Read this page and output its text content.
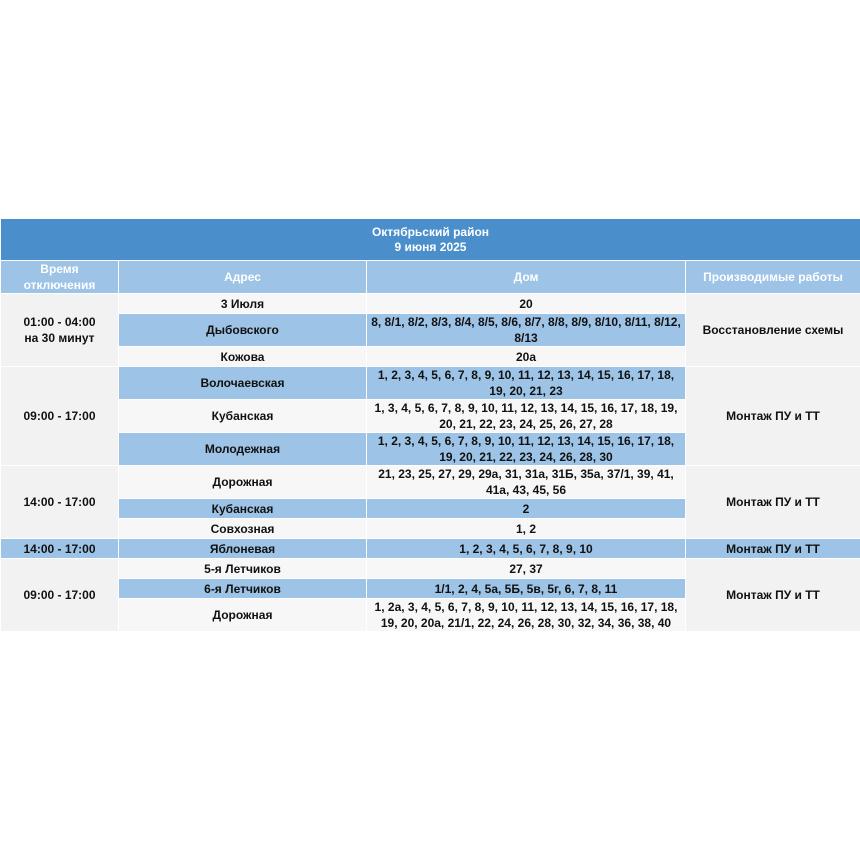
Октябрьский район
9 июня 2025			

Время отключения	Адрес	Дом	Производимые работы

01:00 - 04:00
на 30 минут	3 Июля	20	Восстановление схемы
	Дыбовского	8, 8/1, 8/2, 8/3, 8/4, 8/5, 8/6, 8/7, 8/8, 8/9, 8/10, 8/11, 8/12, 8/13	
	Кожова	20а	
09:00 - 17:00	Волочаевская	1, 2, 3, 4, 5, 6, 7, 8, 9, 10, 11, 12, 13, 14, 15, 16, 17, 18, 19, 20, 21, 23	Монтаж ПУ и ТТ
	Кубанская	1, 3, 4, 5, 6, 7, 8, 9, 10, 11, 12, 13, 14, 15, 16, 17, 18, 19, 20, 21, 22, 23, 24, 25, 26, 27, 28	
	Молодежная	1, 2, 3, 4, 5, 6, 7, 8, 9, 10, 11, 12, 13, 14, 15, 16, 17, 18, 19, 20, 21, 22, 23, 24, 26, 28, 30	
14:00 - 17:00	Дорожная	21, 23, 25, 27, 29, 29а, 31, 31а, 31Б, 35а, 37/1, 39, 41, 41а, 43, 45, 56	Монтаж ПУ и ТТ
	Кубанская	2	
	Совхозная	1, 2	
14:00 - 17:00	Яблоневая	1, 2, 3, 4, 5, 6, 7, 8, 9, 10	Монтаж ПУ и ТТ
09:00 - 17:00	5-я Летчиков	27, 37	Монтаж ПУ и ТТ
	6-я Летчиков	1/1, 2, 4, 5а, 5Б, 5в, 5г, 6, 7, 8, 11	
	Дорожная	1, 2а, 3, 4, 5, 6, 7, 8, 9, 10, 11, 12, 13, 14, 15, 16, 17, 18, 19, 20, 20а, 21/1, 22, 24, 26, 28, 30, 32, 34, 36, 38, 40	
